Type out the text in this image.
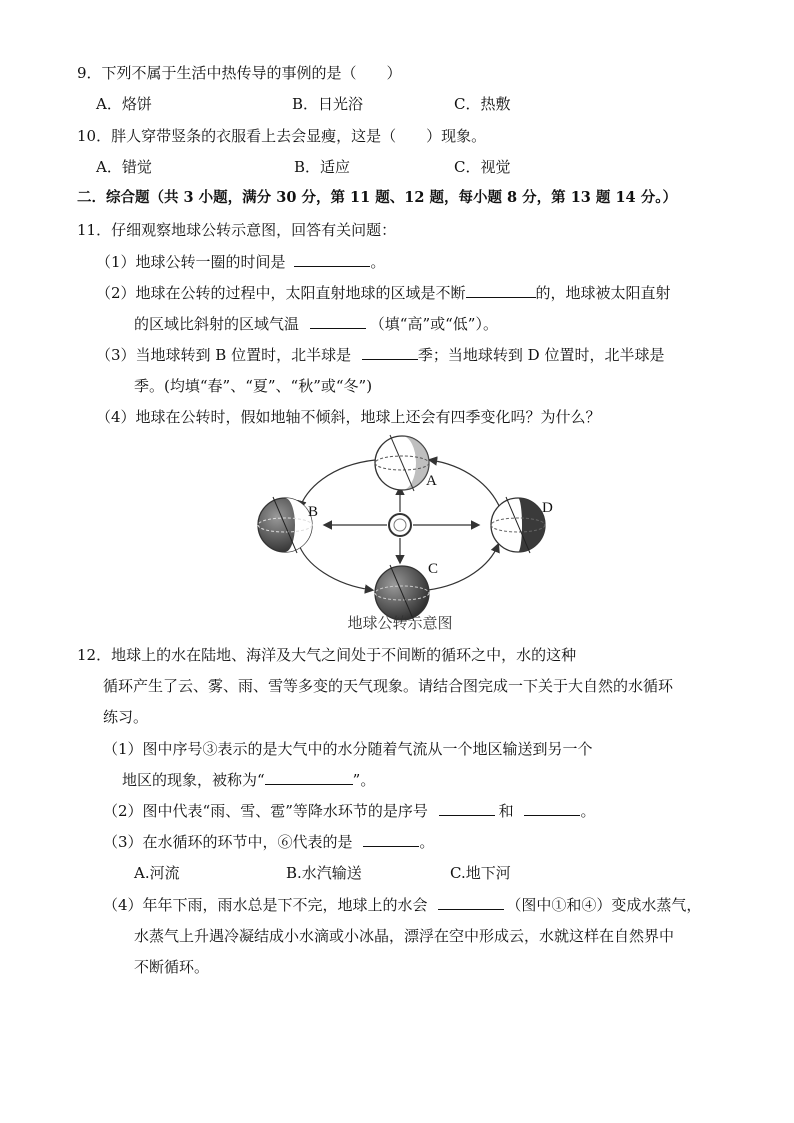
9．下列不属于生活中热传导的事例的是（　　）
A．烙饼	B．日光浴	C．热敷
10．胖人穿带竖条的衣服看上去会显瘦，这是（　　）现象。
A．错觉	B．适应	C．视觉
二．综合题（共 3 小题，满分 30 分，第 11 题、12 题，每小题 8 分，第 13 题 14 分。）
11．仔细观察地球公转示意图，回答有关问题：
（1）地球公转一圈的时间是	。
（2）地球在公转的过程中，太阳直射地球的区域是不断	的，地球被太阳直射
的区域比斜射的区域气温	（填“高”或“低”）。
（3）当地球转到 B 位置时，北半球是	季；当地球转到 D 位置时，北半球是
季。(均填“春”、“夏”、“秋”或“冬”)
（4）地球在公转时，假如地轴不倾斜，地球上还会有四季变化吗？为什么？
A
B
C
D
地球公转示意图
12．地球上的水在陆地、海洋及大气之间处于不间断的循环之中，水的这种
循环产生了云、雾、雨、雪等多变的天气现象。请结合图完成一下关于大自然的水循环
练习。
（1）图中序号③表示的是大气中的水分随着气流从一个地区输送到另一个
地区的现象，被称为“	”。
（2）图中代表“雨、雪、雹”等降水环节的是序号	和	。
（3）在水循环的环节中，⑥代表的是	。
A.河流	B.水汽输送	C.地下河
（4）年年下雨，雨水总是下不完，地球上的水会	（图中①和④）变成水蒸气，
水蒸气上升遇冷凝结成小水滴或小冰晶，漂浮在空中形成云，水就这样在自然界中
不断循环。
